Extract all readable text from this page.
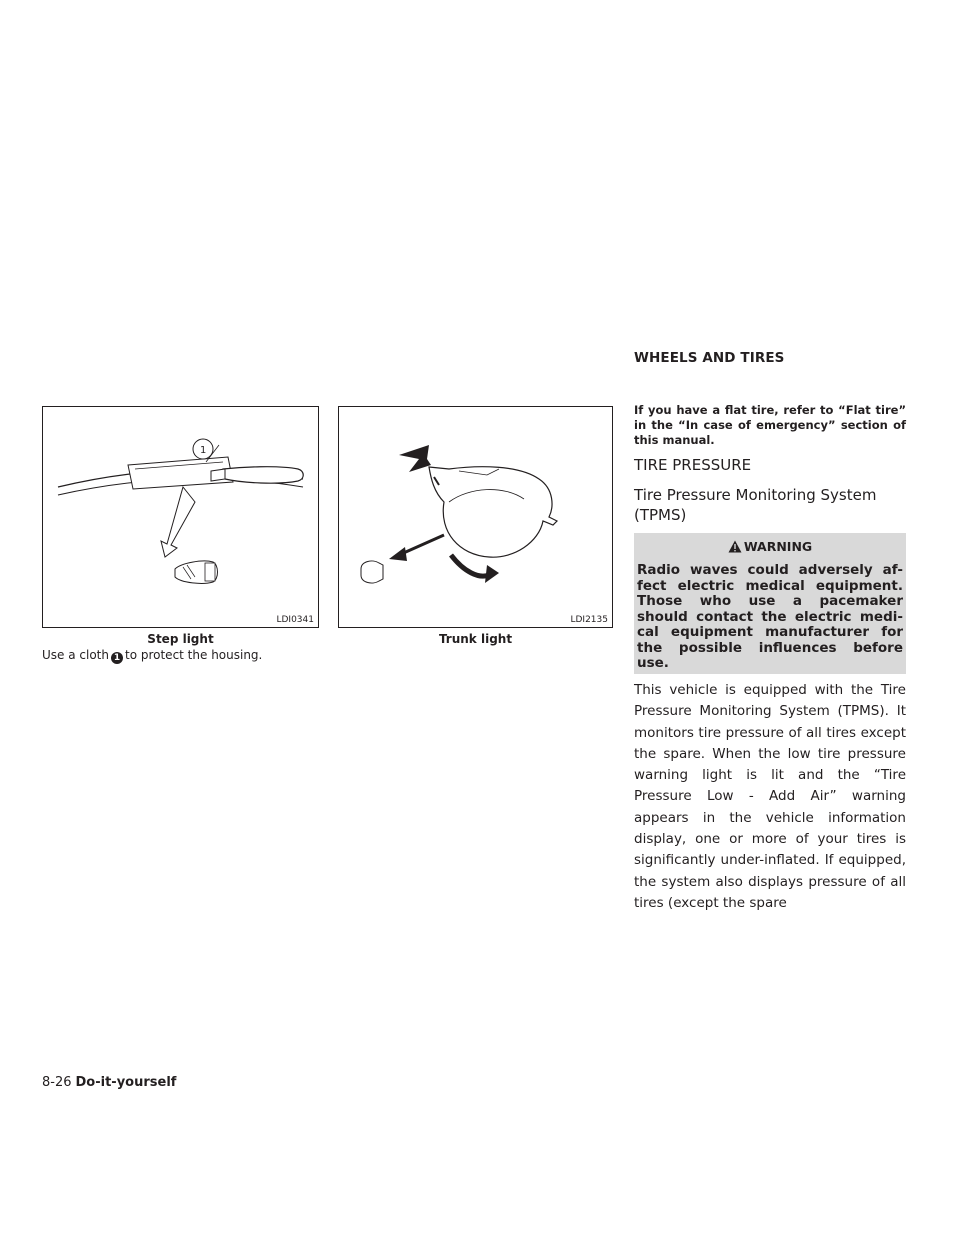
WHEELS AND TIRES
1
LDI0341
Step light
Use a cloth 1 to protect the housing.
LDI2135
Trunk light
If you have a flat tire, refer to “Flat tire” in the “In case of emergency” section of this manual.
TIRE PRESSURE
Tire Pressure Monitoring System (TPMS)
WARNING
Radio waves could adversely af-fect electric medical equipment. Those who use a pacemaker should contact the electric medi-cal equipment manufacturer for the possible influences before use.
This vehicle is equipped with the Tire Pressure Monitoring System (TPMS). It monitors tire pressure of all tires except the spare. When the low tire pressure warning light is lit and the “Tire Pressure Low - Add Air” warning appears in the vehicle information display, one or more of your tires is significantly under-inflated. If equipped, the system also displays pressure of all tires (except the spare
8-26 Do-it-yourself
